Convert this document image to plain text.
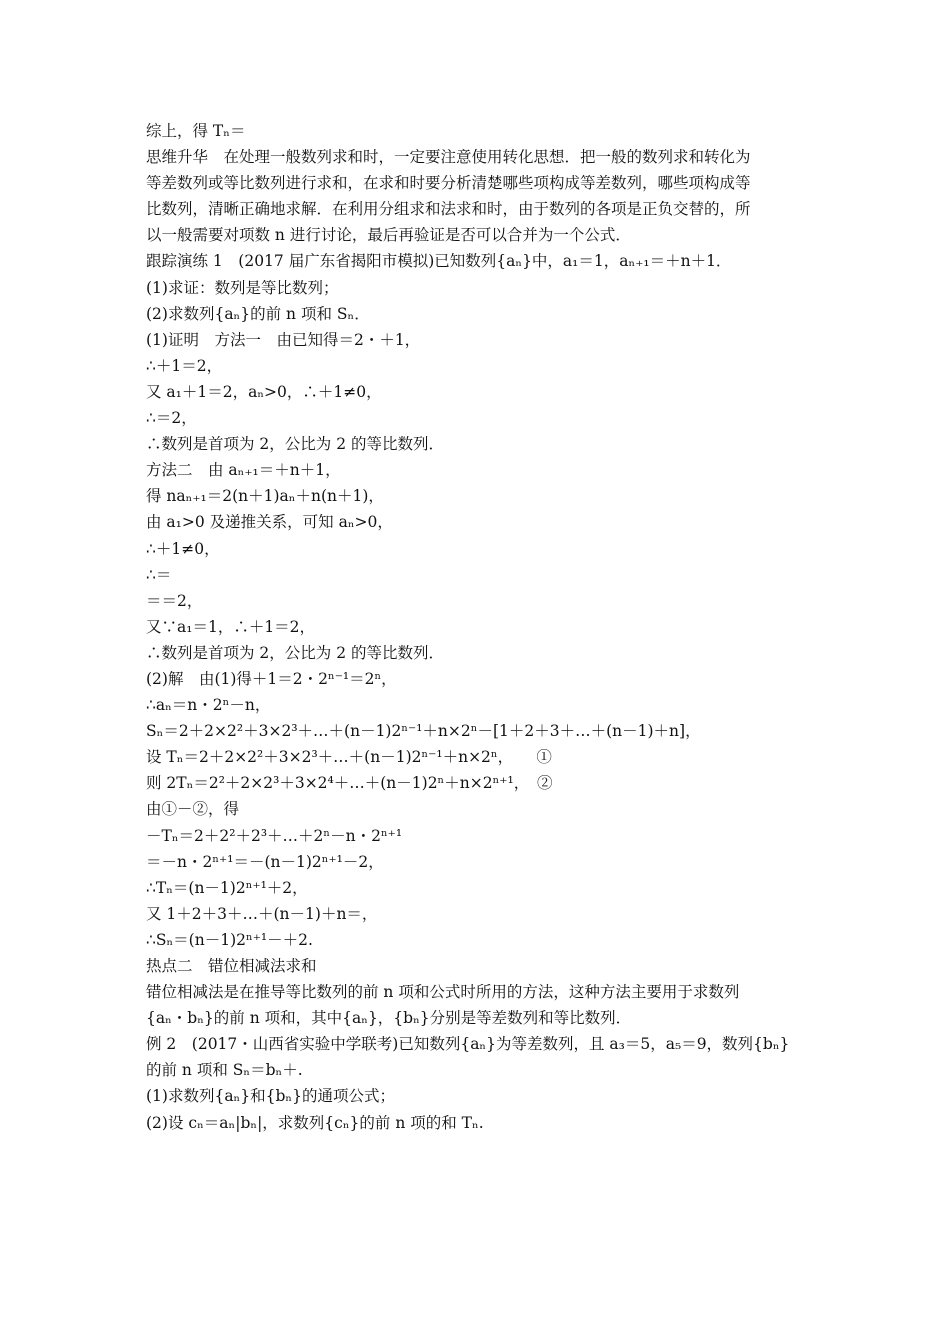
综上，得 Tₙ＝
思维升华　在处理一般数列求和时，一定要注意使用转化思想．把一般的数列求和转化为
等差数列或等比数列进行求和，在求和时要分析清楚哪些项构成等差数列，哪些项构成等
比数列，清晰正确地求解．在利用分组求和法求和时，由于数列的各项是正负交替的，所
以一般需要对项数 n 进行讨论，最后再验证是否可以合并为一个公式．
跟踪演练 1　(2017 届广东省揭阳市模拟)已知数列{aₙ}中，a₁＝1，aₙ₊₁＝＋n＋1．
(1)求证：数列是等比数列；
(2)求数列{aₙ}的前 n 项和 Sₙ．
(1)证明　方法一　由已知得＝2・＋1，
∴＋1＝2，
又 a₁＋1＝2，aₙ>0，∴＋1≠0，
∴＝2，
∴数列是首项为 2，公比为 2 的等比数列．
方法二　由 aₙ₊₁＝＋n＋1，
得 naₙ₊₁＝2(n＋1)aₙ＋n(n＋1)，
由 a₁>0 及递推关系，可知 aₙ>0，
∴＋1≠0，
∴＝
＝＝2，
又∵a₁＝1，∴＋1＝2，
∴数列是首项为 2，公比为 2 的等比数列．
(2)解　由(1)得＋1＝2・2ⁿ⁻¹＝2ⁿ，
∴aₙ＝n・2ⁿ－n，
Sₙ＝2＋2×2²＋3×2³＋…＋(n－1)2ⁿ⁻¹＋n×2ⁿ－[1＋2＋3＋…＋(n－1)＋n]，
设 Tₙ＝2＋2×2²＋3×2³＋…＋(n－1)2ⁿ⁻¹＋n×2ⁿ，　　①
则 2Tₙ＝2²＋2×2³＋3×2⁴＋…＋(n－1)2ⁿ＋n×2ⁿ⁺¹，　②
由①－②，得
－Tₙ＝2＋2²＋2³＋…＋2ⁿ－n・2ⁿ⁺¹
＝－n・2ⁿ⁺¹＝－(n－1)2ⁿ⁺¹－2，
∴Tₙ＝(n－1)2ⁿ⁺¹＋2，
又 1＋2＋3＋…＋(n－1)＋n＝，
∴Sₙ＝(n－1)2ⁿ⁺¹－＋2.
热点二　错位相减法求和
错位相减法是在推导等比数列的前 n 项和公式时所用的方法，这种方法主要用于求数列
{aₙ・bₙ}的前 n 项和，其中{aₙ}，{bₙ}分别是等差数列和等比数列．
例 2　(2017・山西省实验中学联考)已知数列{aₙ}为等差数列，且 a₃＝5，a₅＝9，数列{bₙ}
的前 n 项和 Sₙ＝bₙ＋.
(1)求数列{aₙ}和{bₙ}的通项公式；
(2)设 cₙ＝aₙ|bₙ|，求数列{cₙ}的前 n 项的和 Tₙ.
